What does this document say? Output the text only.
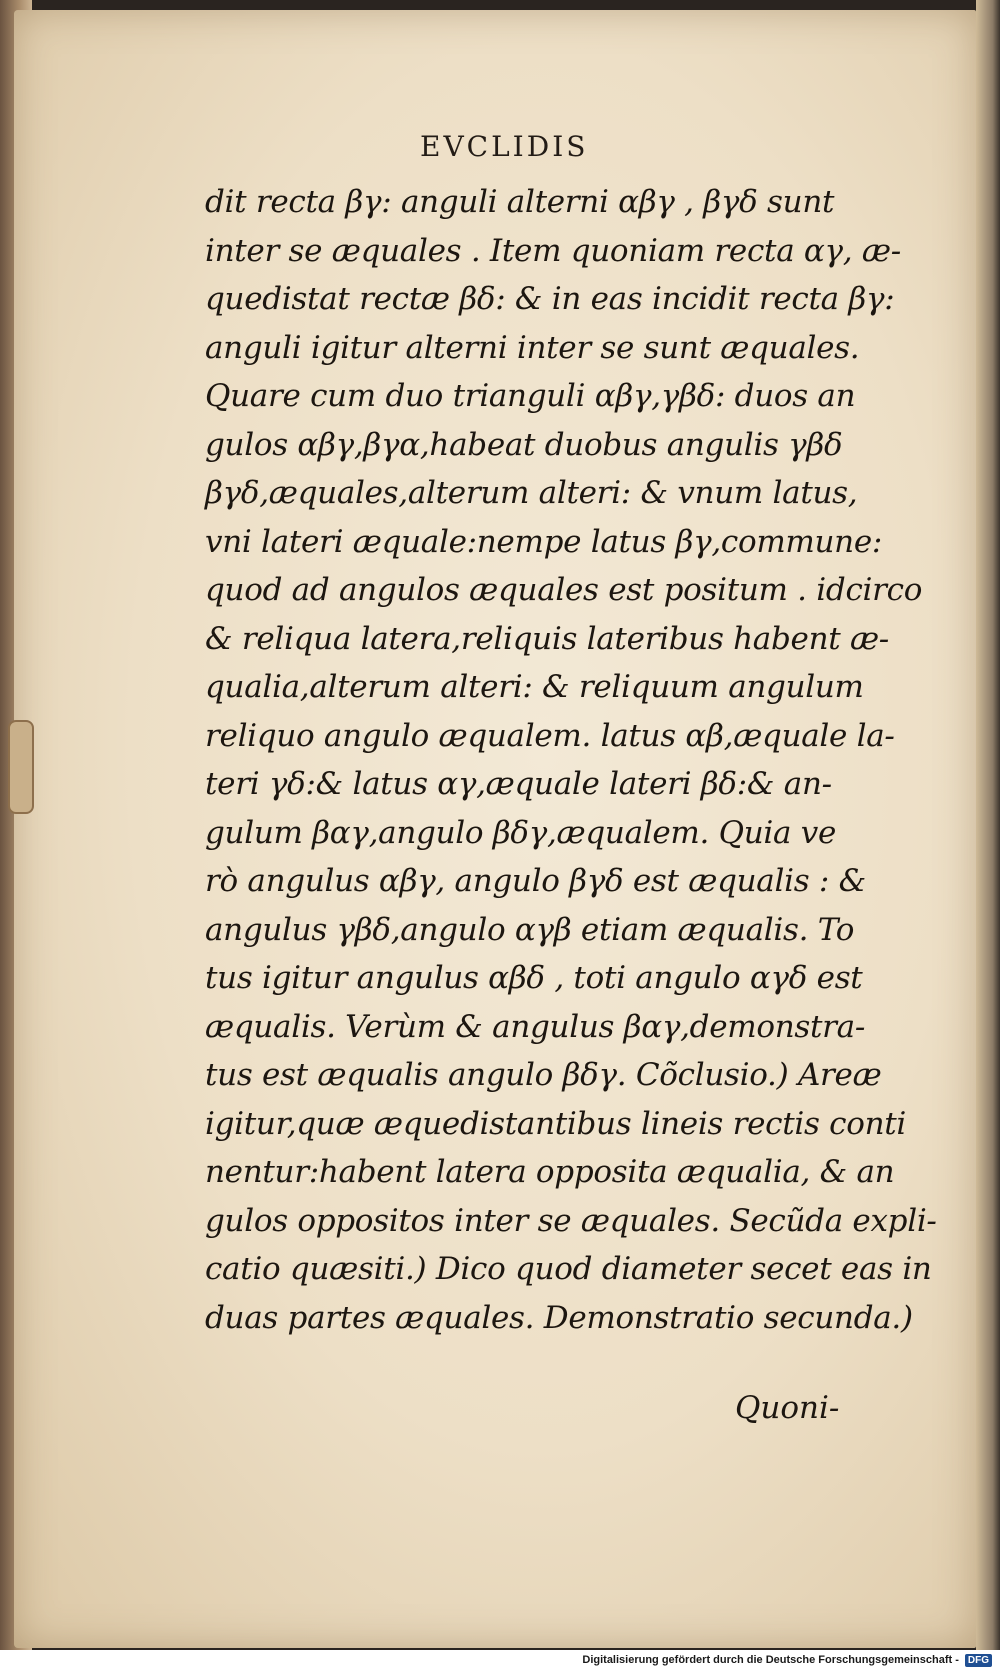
EVCLIDIS
dit recta βγ: anguli alterni αβγ , βγδ sunt
inter se æquales . Item quoniam recta αγ, æ-
quedistat rectæ βδ: & in eas incidit recta βγ:
anguli igitur alterni inter se sunt æquales.
Quare cum duo trianguli αβγ,γβδ: duos an
gulos αβγ,βγα,habeat duobus angulis γβδ
βγδ,æquales,alterum alteri: & vnum latus,
vni lateri æquale:nempe latus βγ,commune:
quod ad angulos æquales est positum . idcirco
& reliqua latera,reliquis lateribus habent æ-
qualia,alterum alteri: & reliquum angulum
reliquo angulo æqualem. latus αβ,æquale la-
teri γδ:& latus αγ,æquale lateri βδ:& an-
gulum βαγ,angulo βδγ,æqualem. Quia ve
rò angulus αβγ, angulo βγδ est æqualis : &
angulus γβδ,angulo αγβ etiam æqualis. To
tus igitur angulus αβδ , toti angulo αγδ est
æqualis. Verùm & angulus βαγ,demonstra-
tus est æqualis angulo βδγ. Cõclusio.) Areæ
igitur,quæ æquedistantibus lineis rectis conti
nentur:habent latera opposita æqualia, & an
gulos oppositos inter se æquales. Secũda expli-
catio quæsiti.) Dico quod diameter secet eas in
duas partes æquales. Demonstratio secunda.)
Quoni-
Digitalisierung gefördert durch die Deutsche Forschungsgemeinschaft - DFG
